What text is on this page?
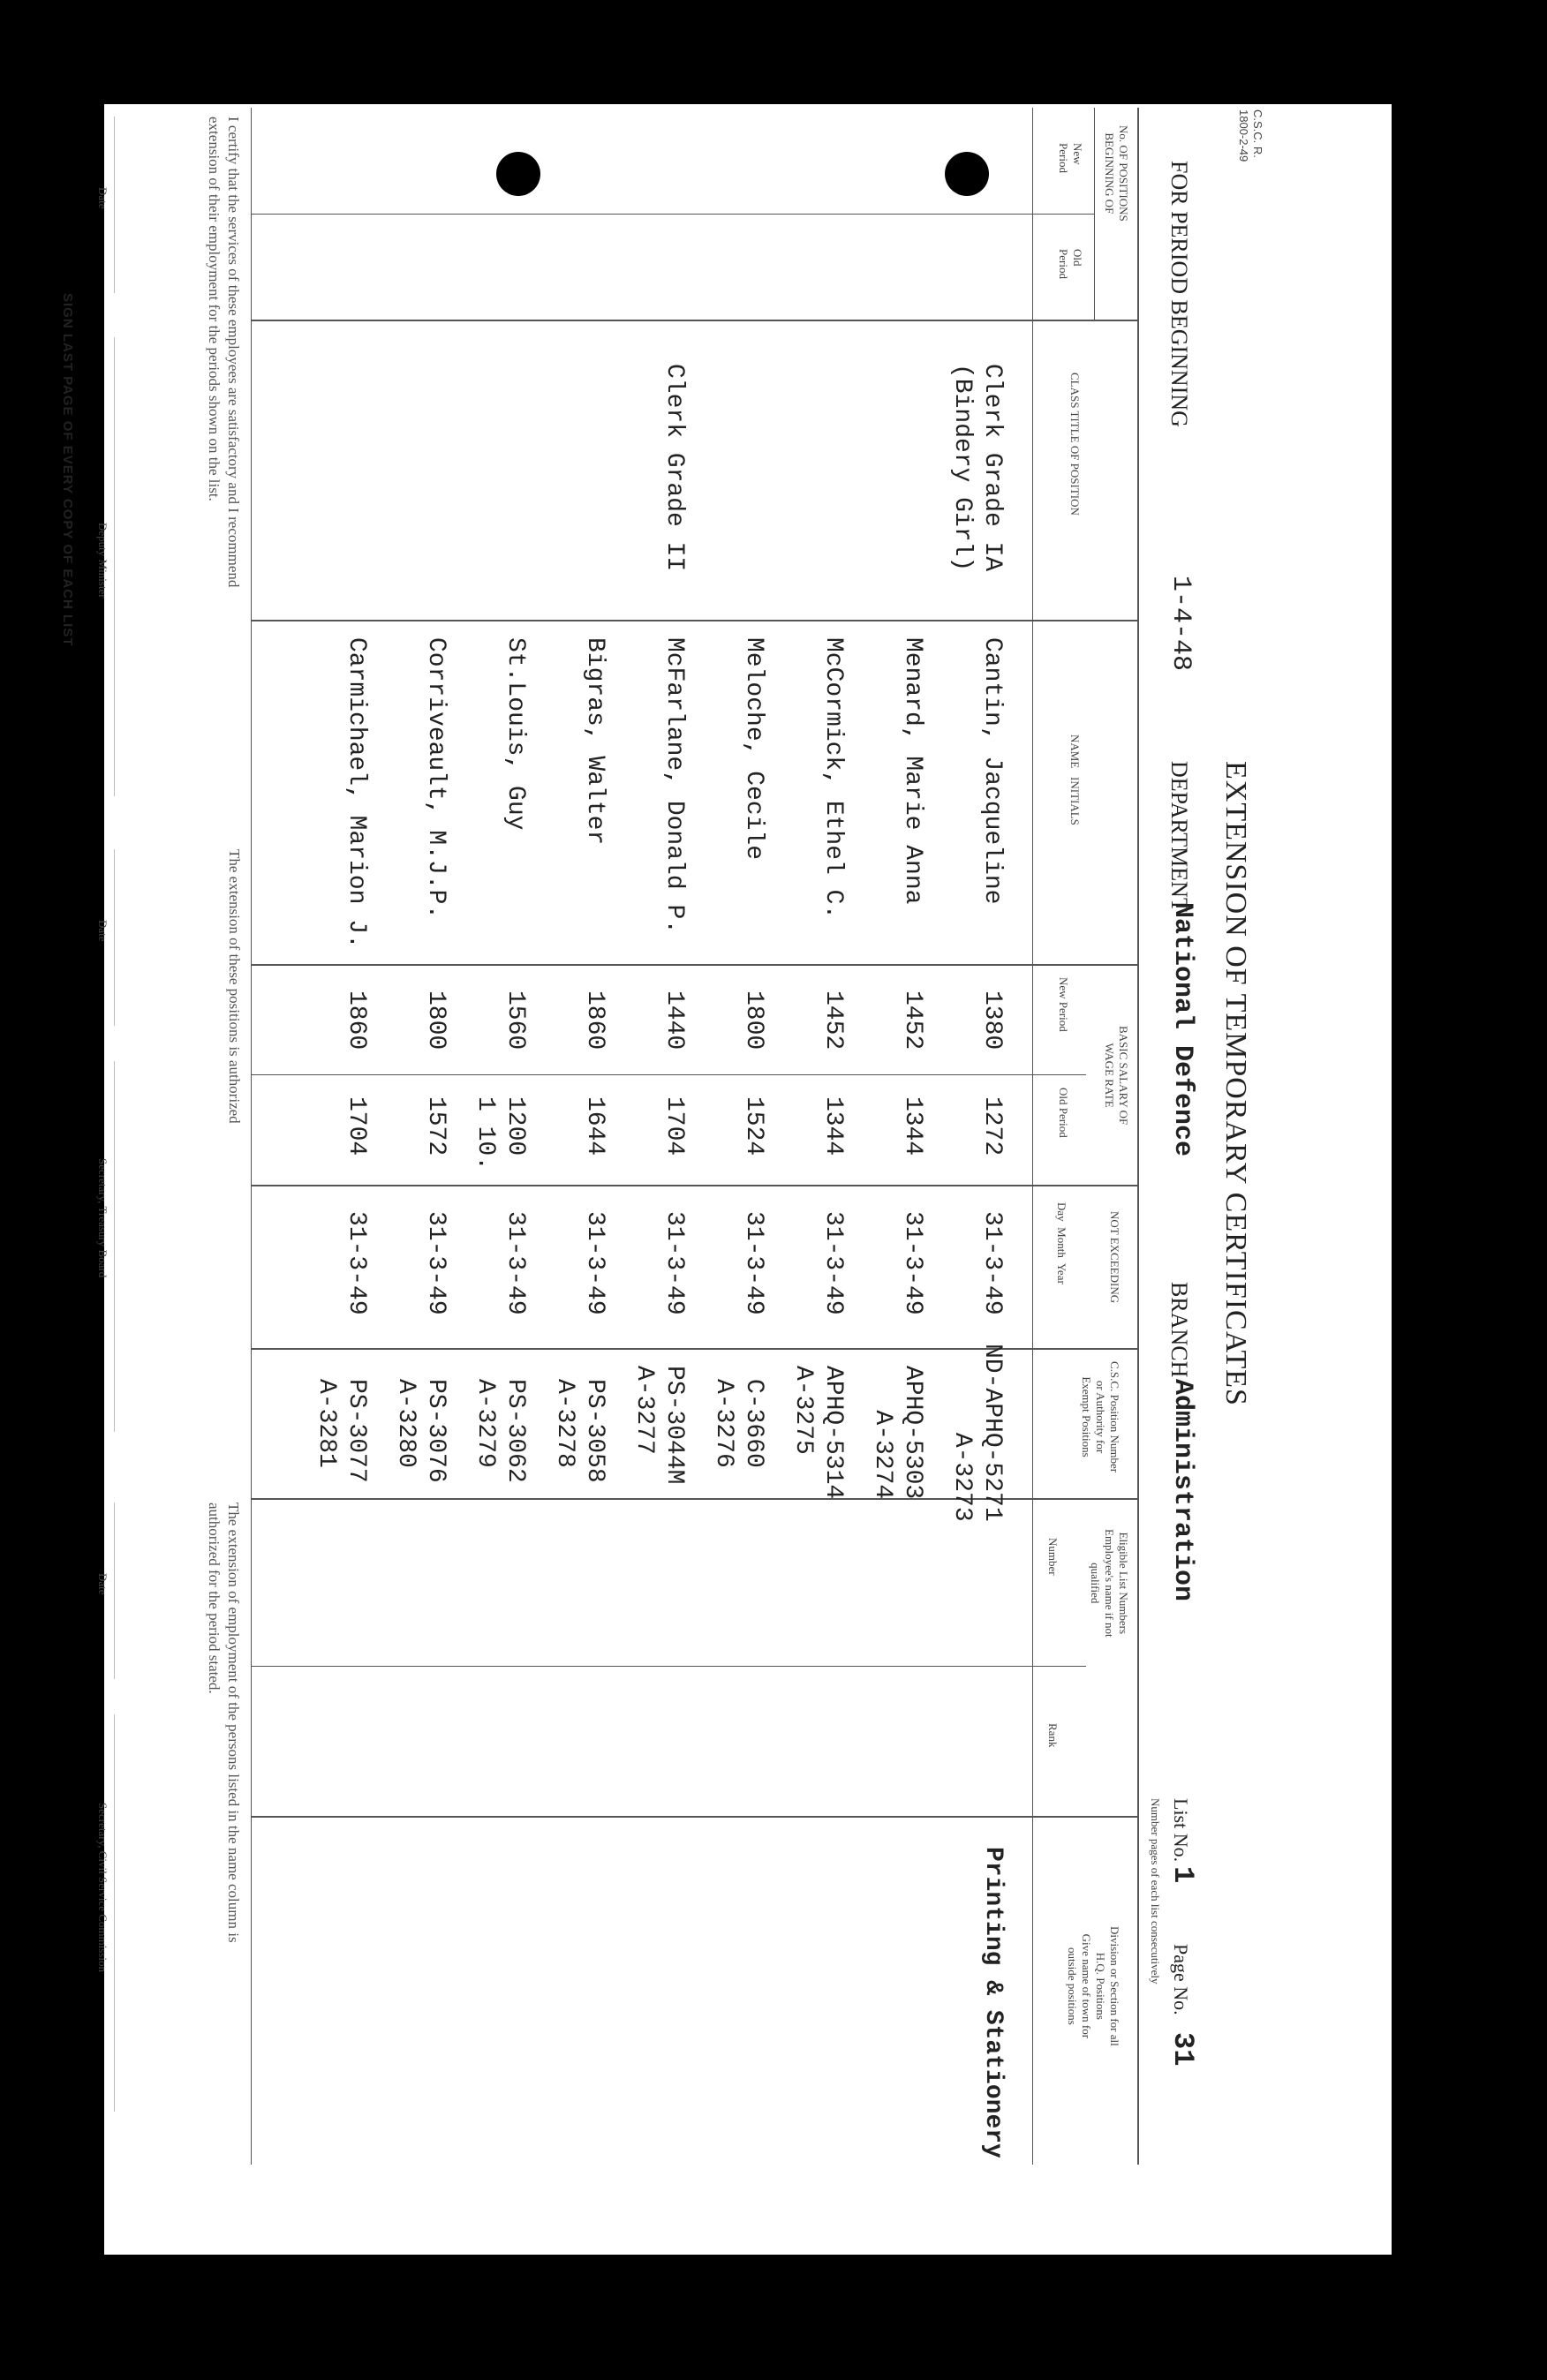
C.S.C. R.
1800-2-49
EXTENSION OF TEMPORARY CERTIFICATES
FOR PERIOD BEGINNING
1-4-48
DEPARTMENT
National Defence
BRANCH
Administration
List No.
1
Page No.
31
Number pages of each list consecutively
No. OF POSITIONS
BEGINNING OF
New
Period
Old
Period
CLASS TITLE OF POSITION
NAME   INITIALS
BASIC SALARY OF
WAGE RATE
New Period
Old Period
NOT EXCEEDING
Day  Month  Year
C.S.C. Position Number
or Authority for
Exempt Positions
Eligible List Numbers
Employee's name if not
qualified
Number
Rank
Division or Section for all
H.Q. Positions
Give name of town for
outside positions
Clerk Grade IA
(Bindery Girl)
Clerk Grade II
Printing & Stationery
Cantin, Jacqueline
1380
1272
31-3-49
ND-APHQ-5271
A-3273
Menard, Marie Anna
1452
1344
31-3-49
APHQ-5303
A-3274
McCormick, Ethel C.
1452
1344
31-3-49
APHQ-5314
A-3275
Meloche, Cecile
1800
1524
31-3-49
C-3660
A-3276
McFarlane, Donald P.
1440
1704
31-3-49
PS-3044M
A-3277
Bigras, Walter
1860
1644
31-3-49
PS-3058
A-3278
St.Louis, Guy
1560
1200
1 10.
31-3-49
PS-3062
A-3279
Corriveault, M.J.P.
1800
1572
31-3-49
PS-3076
A-3280
Carmichael, Marion J.
1860
1704
31-3-49
PS-3077
A-3281
I certify that the services of these employees are satisfactory and I recommend
extension of their employment for the periods shown on the list.
The extension of these positions is authorized
The extension of employment of the persons listed in the name column is
authorized for the period stated.
Date
Deputy Minister
Date
Secretary, Treasury Board
Date
Secretary, Civil Service Commission
SIGN LAST PAGE OF EVERY COPY OF EACH LIST
